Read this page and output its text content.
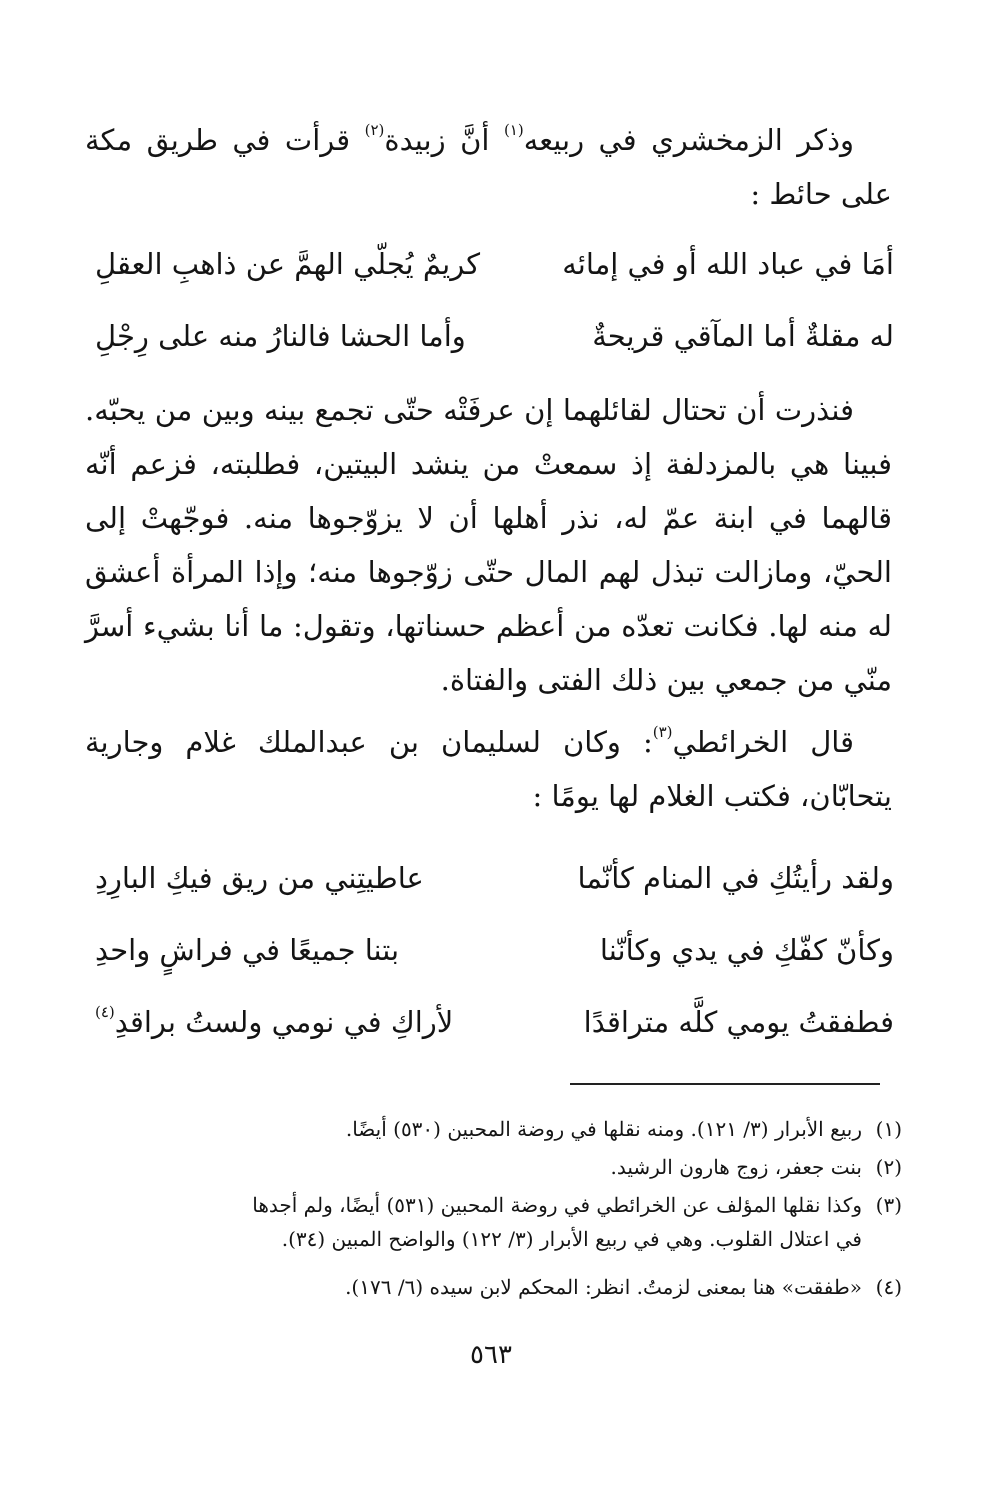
وذكر الزمخشري في ربيعه$^{(١)}$ أنَّ زبيدة$^{(٢)}$ قرأت في طريق مكة على حائط :
أمَا في عباد الله أو في إمائه
كريمٌ يُجلّي الهمَّ عن ذاهبِ العقلِ
له مقلةٌ أما المآقي قريحةٌ
وأما الحشا فالنارُ منه على رِجْلِ
فنذرت أن تحتال لقائلهما إن عرفَتْه حتّى تجمع بينه وبين من يحبّه. فبينا هي بالمزدلفة إذ سمعتْ من ينشد البيتين، فطلبته، فزعم أنّه قالهما في ابنة عمّ له، نذر أهلها أن لا يزوّجوها منه. فوجّهتْ إلى الحيّ، ومازالت تبذل لهم المال حتّى زوّجوها منه؛ وإذا المرأة أعشق له منه لها. فكانت تعدّه من أعظم حسناتها، وتقول: ما أنا بشيء أسرَّ منّي من جمعي بين ذلك الفتى والفتاة.
قال الخرائطي$^{(٣)}$: وكان لسليمان بن عبدالملك غلام وجارية يتحابّان، فكتب الغلام لها يومًا :
ولقد رأيتُكِ في المنام كأنّما
عاطيتِني من ريق فيكِ البارِدِ
وكأنّ كفّكِ في يدي وكأنّنا
بتنا جميعًا في فراشٍ واحدِ
فطفقتُ يومي كلَّه متراقدًا
لأراكِ في نومي ولستُ براقدِ$^{(٤)}$
(١)ربيع الأبرار (٣/ ١٢١). ومنه نقلها في روضة المحبين (٥٣٠) أيضًا.
(٢)بنت جعفر، زوج هارون الرشيد.
(٣)وكذا نقلها المؤلف عن الخرائطي في روضة المحبين (٥٣١) أيضًا، ولم أجدها
في اعتلال القلوب. وهي في ربيع الأبرار (٣/ ١٢٢) والواضح المبين (٣٤).
(٤)«طفقت» هنا بمعنى لزمتُ. انظر: المحكم لابن سيده (٦/ ١٧٦).
٥٦٣
